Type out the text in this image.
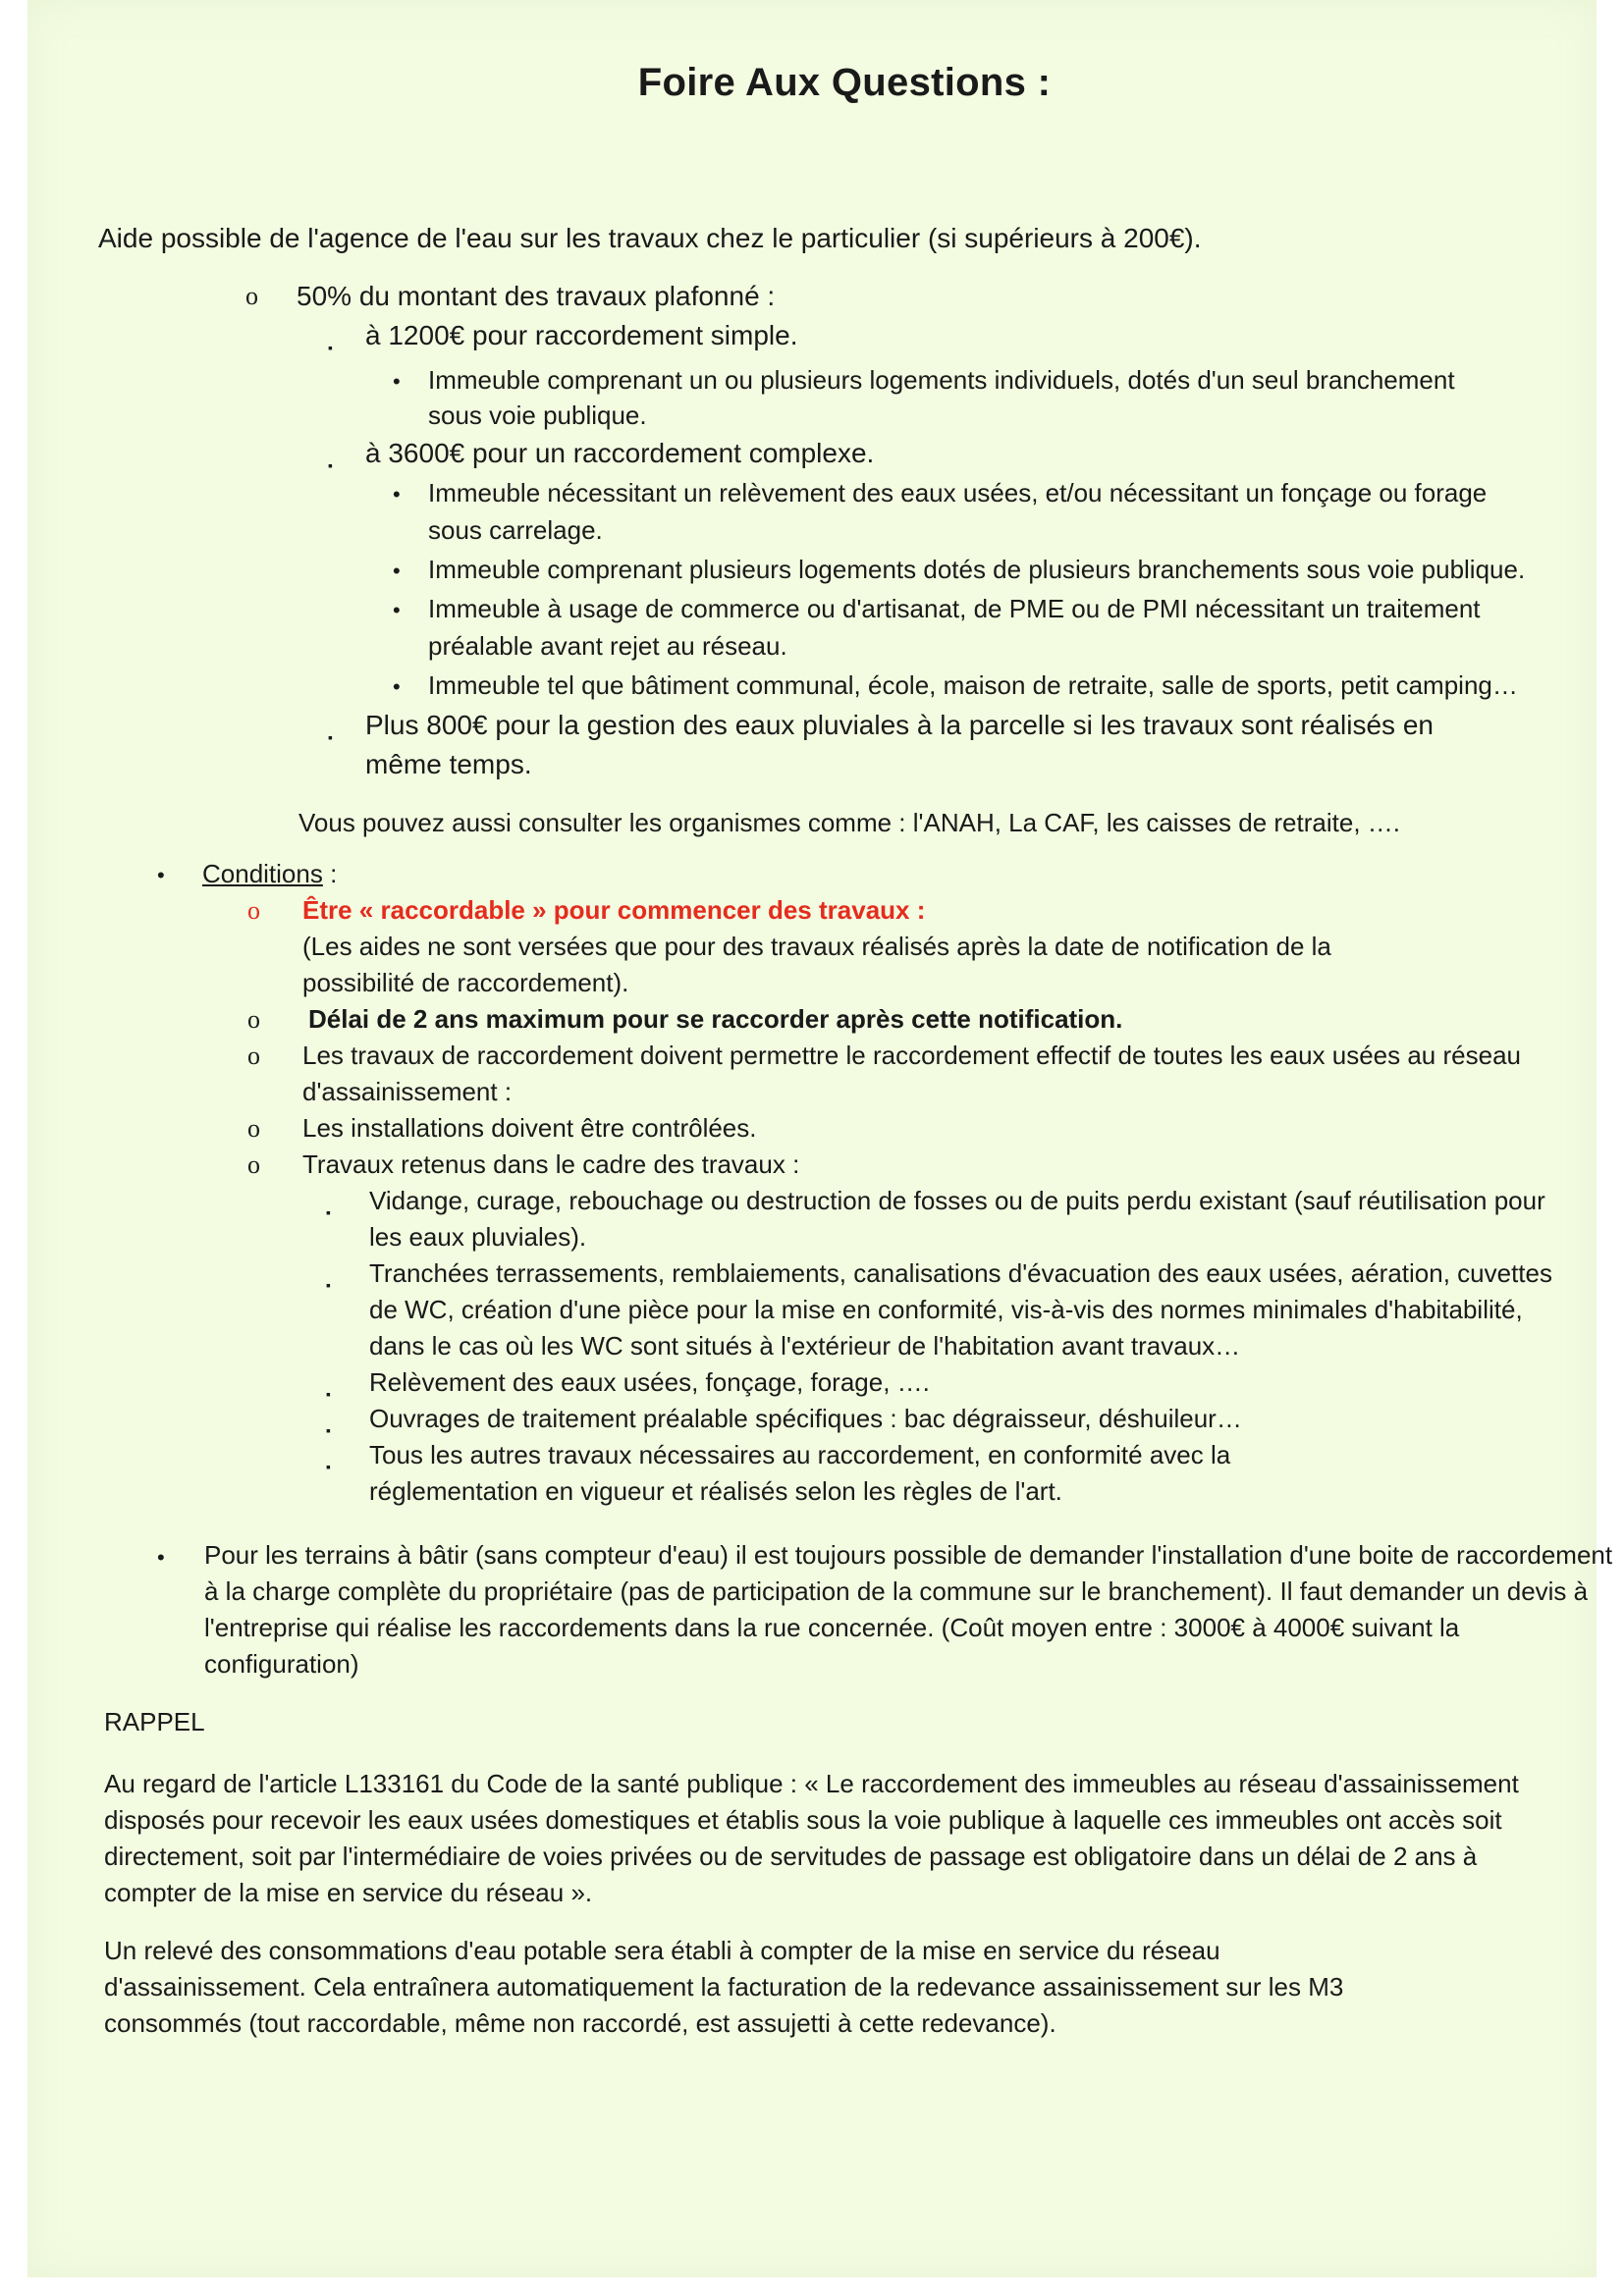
Foire Aux Questions :
Aide possible de l'agence de l'eau sur les travaux chez le particulier (si supérieurs à 200€).
o 50% du montant des travaux plafonné :
▪ à 1200€ pour raccordement simple.
• Immeuble comprenant un ou plusieurs logements individuels, dotés d'un seul branchement sous voie publique.
▪ à 3600€ pour un raccordement complexe.
• Immeuble nécessitant un relèvement des eaux usées, et/ou nécessitant un fonçage ou forage sous carrelage.
• Immeuble comprenant plusieurs logements dotés de plusieurs branchements sous voie publique.
• Immeuble à usage de commerce ou d'artisanat, de PME ou de PMI nécessitant un traitement préalable avant rejet au réseau.
• Immeuble tel que bâtiment communal, école, maison de retraite, salle de sports, petit camping…
▪ Plus 800€ pour la gestion des eaux pluviales à la parcelle si les travaux sont réalisés en même temps.
Vous pouvez aussi consulter les organismes comme : l'ANAH, La CAF, les caisses de retraite, ….
• Conditions :
o Être « raccordable » pour commencer des travaux :
(Les aides ne sont versées que pour des travaux réalisés après la date de notification de la possibilité de raccordement).
o Délai de 2 ans maximum pour se raccorder après cette notification.
o Les travaux de raccordement doivent permettre le raccordement effectif de toutes les eaux usées au réseau d'assainissement :
o Les installations doivent être contrôlées.
o Travaux retenus dans le cadre des travaux :
▪ Vidange, curage, rebouchage ou destruction de fosses ou de puits perdu existant (sauf réutilisation pour les eaux pluviales).
▪ Tranchées terrassements, remblaiements, canalisations d'évacuation des eaux usées, aération, cuvettes de WC, création d'une pièce pour la mise en conformité, vis-à-vis des normes minimales d'habitabilité, dans le cas où les WC sont situés à l'extérieur de l'habitation avant travaux…
▪ Relèvement des eaux usées, fonçage, forage, ….
▪ Ouvrages de traitement préalable spécifiques : bac dégraisseur, déshuileur…
▪ Tous les autres travaux nécessaires au raccordement, en conformité avec la réglementation en vigueur et réalisés selon les règles de l'art.
• Pour les terrains à bâtir (sans compteur d'eau) il est toujours possible de demander l'installation d'une boite de raccordement à la charge complète du propriétaire (pas de participation de la commune sur le branchement). Il faut demander un devis à l'entreprise qui réalise les raccordements dans la rue concernée. (Coût moyen entre : 3000€ à 4000€ suivant la configuration)
RAPPEL
Au regard de l'article L133161 du Code de la santé publique : « Le raccordement des immeubles au réseau d'assainissement disposés pour recevoir les eaux usées domestiques et établis sous la voie publique à laquelle ces immeubles ont accès soit directement, soit par l'intermédiaire de voies privées ou de servitudes de passage est obligatoire dans un délai de 2 ans à compter de la mise en service du réseau ».
Un relevé des consommations d'eau potable sera établi à compter de la mise en service du réseau d'assainissement. Cela entraînera automatiquement la facturation de la redevance assainissement sur les M3 consommés (tout raccordable, même non raccordé, est assujetti à cette redevance).
